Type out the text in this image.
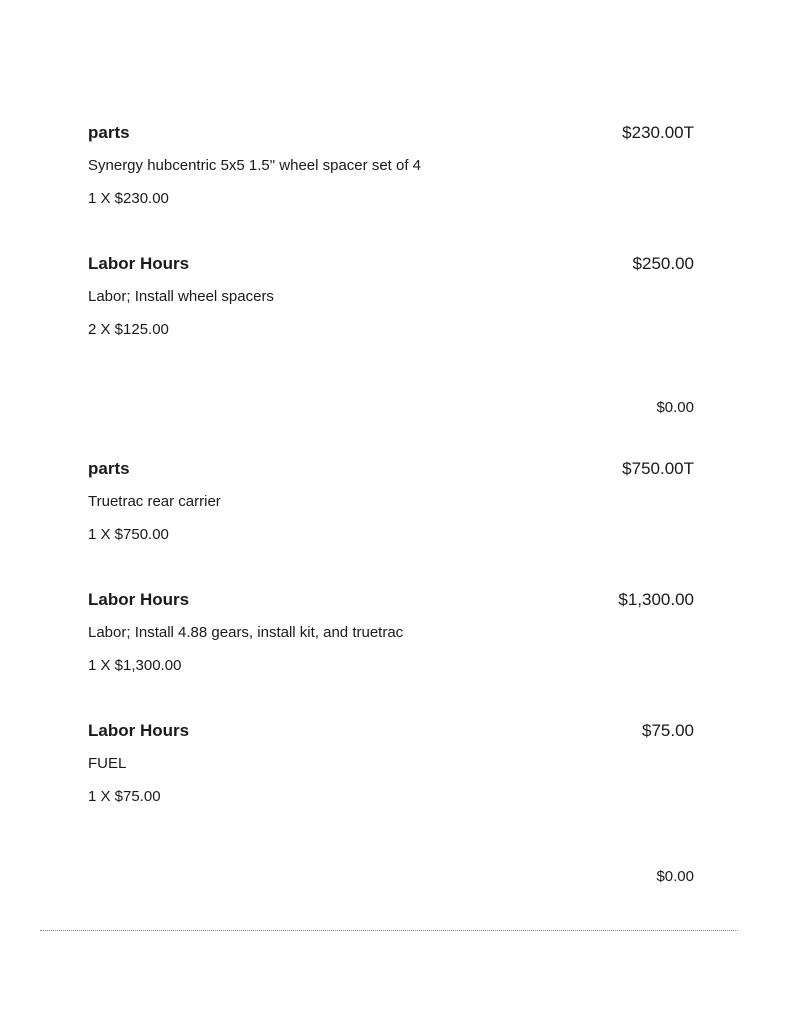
parts	$230.00T
Synergy hubcentric 5x5 1.5" wheel spacer set of 4
1 X $230.00
Labor Hours	$250.00
Labor; Install wheel spacers
2 X $125.00
$0.00
parts	$750.00T
Truetrac rear carrier
1 X $750.00
Labor Hours	$1,300.00
Labor; Install 4.88 gears, install kit, and truetrac
1 X $1,300.00
Labor Hours	$75.00
FUEL
1 X $75.00
$0.00
